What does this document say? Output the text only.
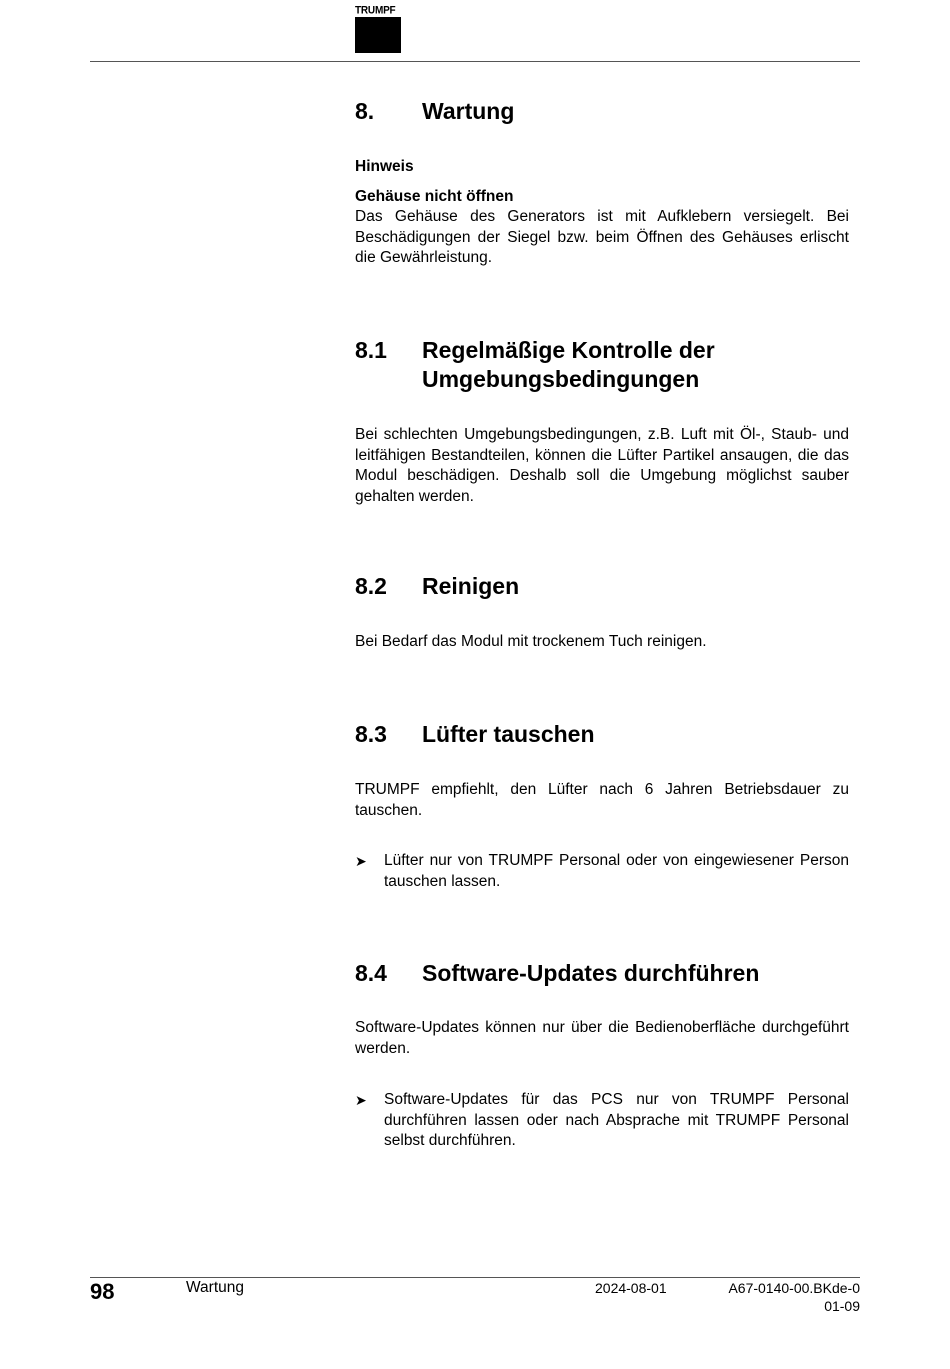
TRUMPF
8. Wartung
Hinweis
Gehäuse nicht öffnen
Das Gehäuse des Generators ist mit Aufklebern versiegelt. Bei Beschädigungen der Siegel bzw. beim Öffnen des Gehäuses erlischt die Gewährleistung.
8.1 Regelmäßige Kontrolle der
Umgebungsbedingungen
Bei schlechten Umgebungsbedingungen, z.B. Luft mit Öl-, Staub- und leitfähigen Bestandteilen, können die Lüfter Partikel ansaugen, die das Modul beschädigen. Deshalb soll die Umgebung möglichst sauber gehalten werden.
8.2 Reinigen
Bei Bedarf das Modul mit trockenem Tuch reinigen.
8.3 Lüfter tauschen
TRUMPF empfiehlt, den Lüfter nach 6 Jahren Betriebsdauer zu tauschen.
➤ Lüfter nur von TRUMPF Personal oder von eingewiesener Person tauschen lassen.
8.4 Software-Updates durchführen
Software-Updates können nur über die Bedienoberfläche durchgeführt werden.
➤ Software-Updates für das PCS nur von TRUMPF Personal durchführen lassen oder nach Absprache mit TRUMPF Personal selbst durchführen.
98	Wartung	2024-08-01	A67-0140-00.BKde-0
01-09
